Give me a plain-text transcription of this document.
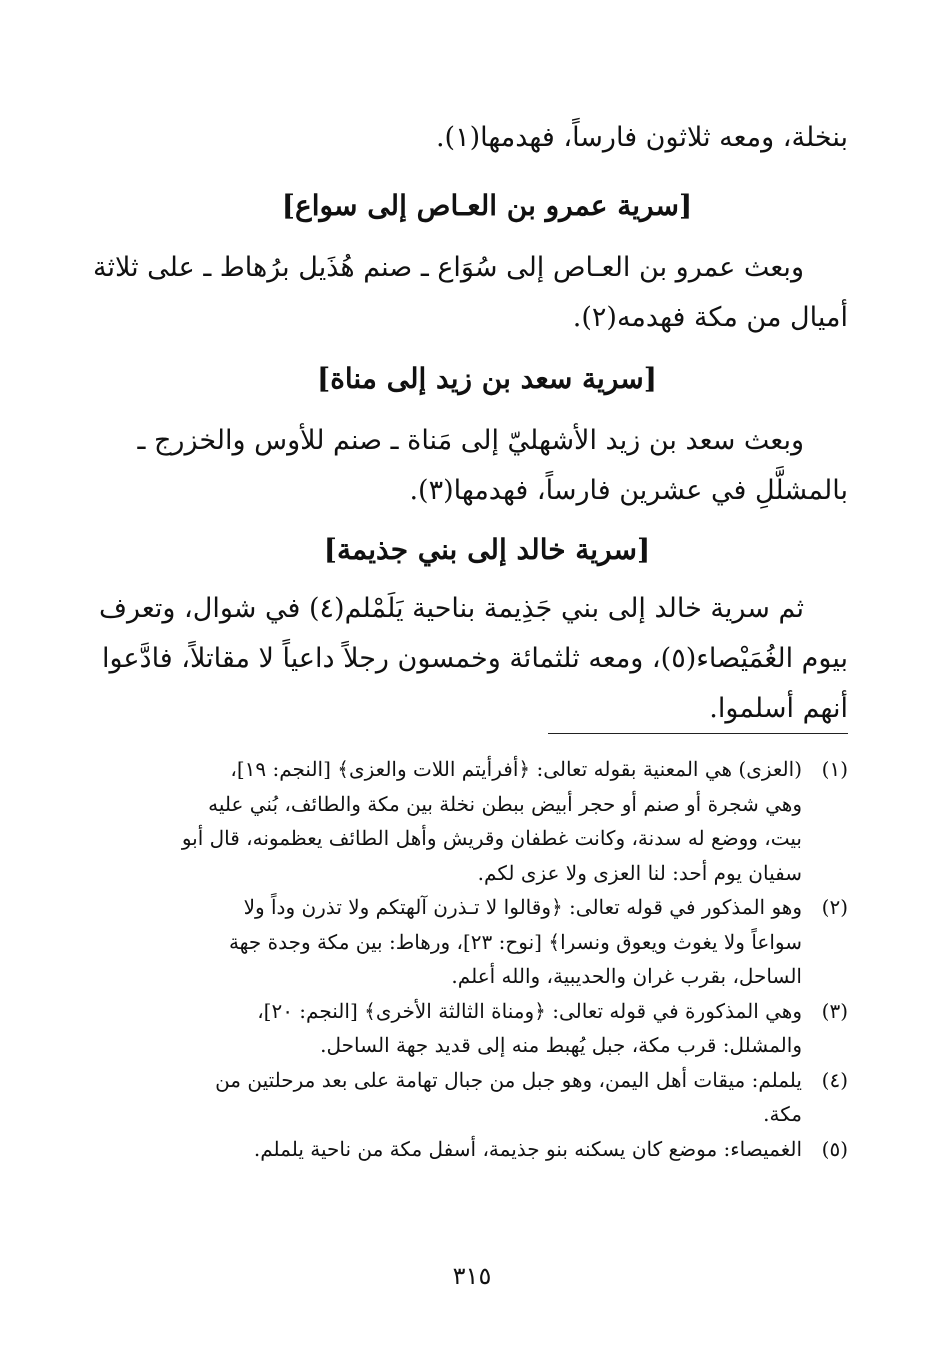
بنخلة، ومعه ثلاثون فارساً، فهدمها(١).
[سرية عمرو بن العـاص إلى سواع]
وبعث عمرو بن العـاص إلى سُوَاع ـ صنم هُذَيل برُهاط ـ على ثلاثة
أميال من مكة فهدمه(٢).
[سرية سعد بن زيد إلى مناة]
وبعث سعد بن زيد الأشهليّ إلى مَناة ـ صنم للأوس والخزرج ـ
بالمشلَّلِ في عشرين فارساً، فهدمها(٣).
[سرية خالد إلى بني جذيمة]
ثم سرية خالد إلى بني جَذِيمة بناحية يَلَمْلم(٤) في شوال، وتعرف
بيوم الغُمَيْصاء(٥)، ومعه ثلثمائة وخمسون رجلاً داعياً لا مقاتلاً، فادَّعوا
أنهم أسلموا.
(١)
(العزى) هي المعنية بقوله تعالى: ﴿أفرأيتم اللات والعزى﴾ [النجم: ١٩]،
وهي شجرة أو صنم أو حجر أبيض ببطن نخلة بين مكة والطائف، بُني عليه
بيت، ووضع له سدنة، وكانت غطفان وقريش وأهل الطائف يعظمونه، قال أبو
سفيان يوم أحد: لنا العزى ولا عزى لكم.
(٢)
وهو المذكور في قوله تعالى: ﴿وقالوا لا تـذرن آلهتكم ولا تذرن وداً ولا
سواعاً ولا يغوث ويعوق ونسرا﴾ [نوح: ٢٣]، ورهاط: بين مكة وجدة جهة
الساحل، بقرب غران والحديبية، والله أعلم.
(٣)
وهي المذكورة في قوله تعالى: ﴿ومناة الثالثة الأخرى﴾ [النجم: ٢٠]،
والمشلل: قرب مكة، جبل يُهبط منه إلى قديد جهة الساحل.
(٤)
يلملم: ميقات أهل اليمن، وهو جبل من جبال تهامة على بعد مرحلتين من
مكة.
(٥)
الغميصاء: موضع كان يسكنه بنو جذيمة، أسفل مكة من ناحية يلملم.
٣١٥
